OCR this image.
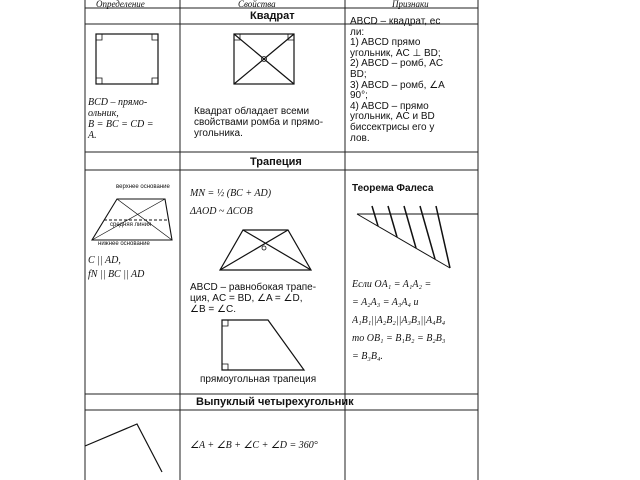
Определение	Свойства	Признаки
Квадрат
BCD – прямо-
ольник,
B = BC = CD =
A.
Квадрат обладает всеми
свойствами ромба и прямо-
угольника.
ABCD – квадрат, ес
ли:
1) ABCD прямо
угольник, AC ⊥ BD;
2) ABCD – ромб, AC
BD;
3) ABCD – ромб, ∠A
90°;
4) ABCD – прямо
угольник, AC и BD
биссектрисы его у
лов.
Трапеция
верхнее основание
средняя линия
нижнее основание
C || AD,
fN || BC || AD
MN = ½ (BC + AD)
ΔAOD ~ ΔCOB
ABCD – равнобокая трапе-
ция, AC = BD, ∠A = ∠D,
∠B = ∠C.
прямоугольная трапеция
Теорема Фалеса
Если OA₁ = A₁A₂ =
= A₂A₃ = A₃A₄ и
A₁B₁||A₂B₂||A₃B₃||A₄B₄
то OB₁ = B₁B₂ = B₂B₃
= B₃B₄.
Выпуклый четырехугольник
∠A + ∠B + ∠C + ∠D = 360°
